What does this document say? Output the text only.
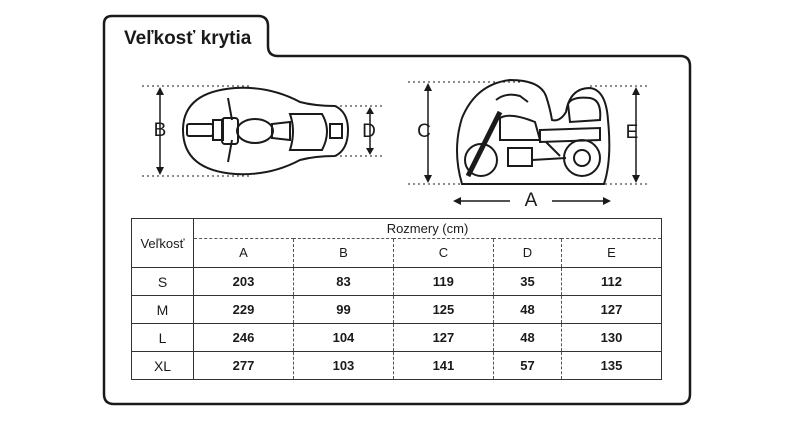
Veľkosť krytia
B	D C	E
A
Veľkosť	Rozmery (cm)				
	A	B	C	D	E
S	203	83	119	35	112
M	229	99	125	48	127
L	246	104	127	48	130
XL	277	103	141	57	135
